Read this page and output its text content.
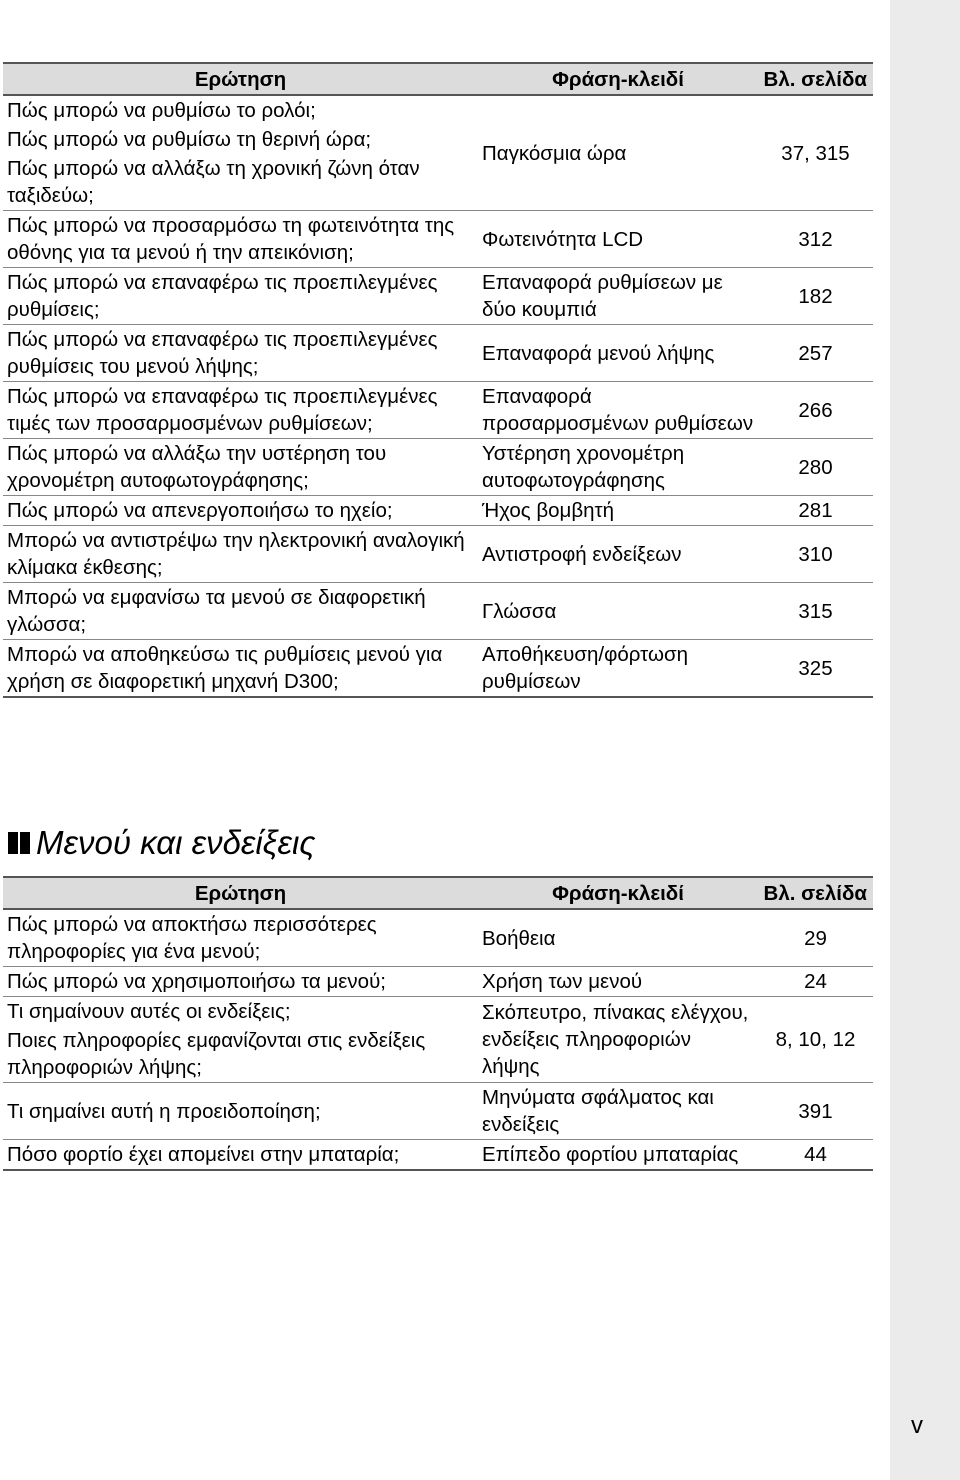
Ερώτηση	Φράση-κλειδί	Βλ. σελίδα
Πώς μπορώ να ρυθμίσω το ρολόι;	Παγκόσμια ώρα	37, 315
Πώς μπορώ να ρυθμίσω τη θερινή ώρα;		
Πώς μπορώ να αλλάξω τη χρονική ζώνη όταν ταξιδεύω;		
Πώς μπορώ να προσαρμόσω τη φωτεινότητα της οθόνης για τα μενού ή την απεικόνιση;	Φωτεινότητα LCD	312
Πώς μπορώ να επαναφέρω τις προεπιλεγμένες ρυθμίσεις;	Επαναφορά ρυθμίσεων με δύο κουμπιά	182
Πώς μπορώ να επαναφέρω τις προεπιλεγμένες ρυθμίσεις του μενού λήψης;	Επαναφορά μενού λήψης	257
Πώς μπορώ να επαναφέρω τις προεπιλεγμένες τιμές των προσαρμοσμένων ρυθμίσεων;	Επαναφορά προσαρμοσμένων ρυθμίσεων	266
Πώς μπορώ να αλλάξω την υστέρηση του χρονομέτρη αυτοφωτογράφησης;	Υστέρηση χρονομέτρη αυτοφωτογράφησης	280
Πώς μπορώ να απενεργοποιήσω το ηχείο;	Ήχος βομβητή	281
Μπορώ να αντιστρέψω την ηλεκτρονική αναλογική κλίμακα έκθεσης;	Αντιστροφή ενδείξεων	310
Μπορώ να εμφανίσω τα μενού σε διαφορετική γλώσσα;	Γλώσσα	315
Μπορώ να αποθηκεύσω τις ρυθμίσεις μενού για χρήση σε διαφορετική μηχανή D300;	Αποθήκευση/φόρτωση ρυθμίσεων	325
Μενού και ενδείξεις
Ερώτηση	Φράση-κλειδί	Βλ. σελίδα
Πώς μπορώ να αποκτήσω περισσότερες πληροφορίες για ένα μενού;	Βοήθεια	29
Πώς μπορώ να χρησιμοποιήσω τα μενού;	Χρήση των μενού	24
Τι σημαίνουν αυτές οι ενδείξεις;	Σκόπευτρο, πίνακας ελέγχου, ενδείξεις πληροφοριών λήψης	8, 10, 12
Ποιες πληροφορίες εμφανίζονται στις ενδείξεις πληροφοριών λήψης;		
Τι σημαίνει αυτή η προειδοποίηση;	Μηνύματα σφάλματος και ενδείξεις	391
Πόσο φορτίο έχει απομείνει στην μπαταρία;	Επίπεδο φορτίου μπαταρίας	44
v
